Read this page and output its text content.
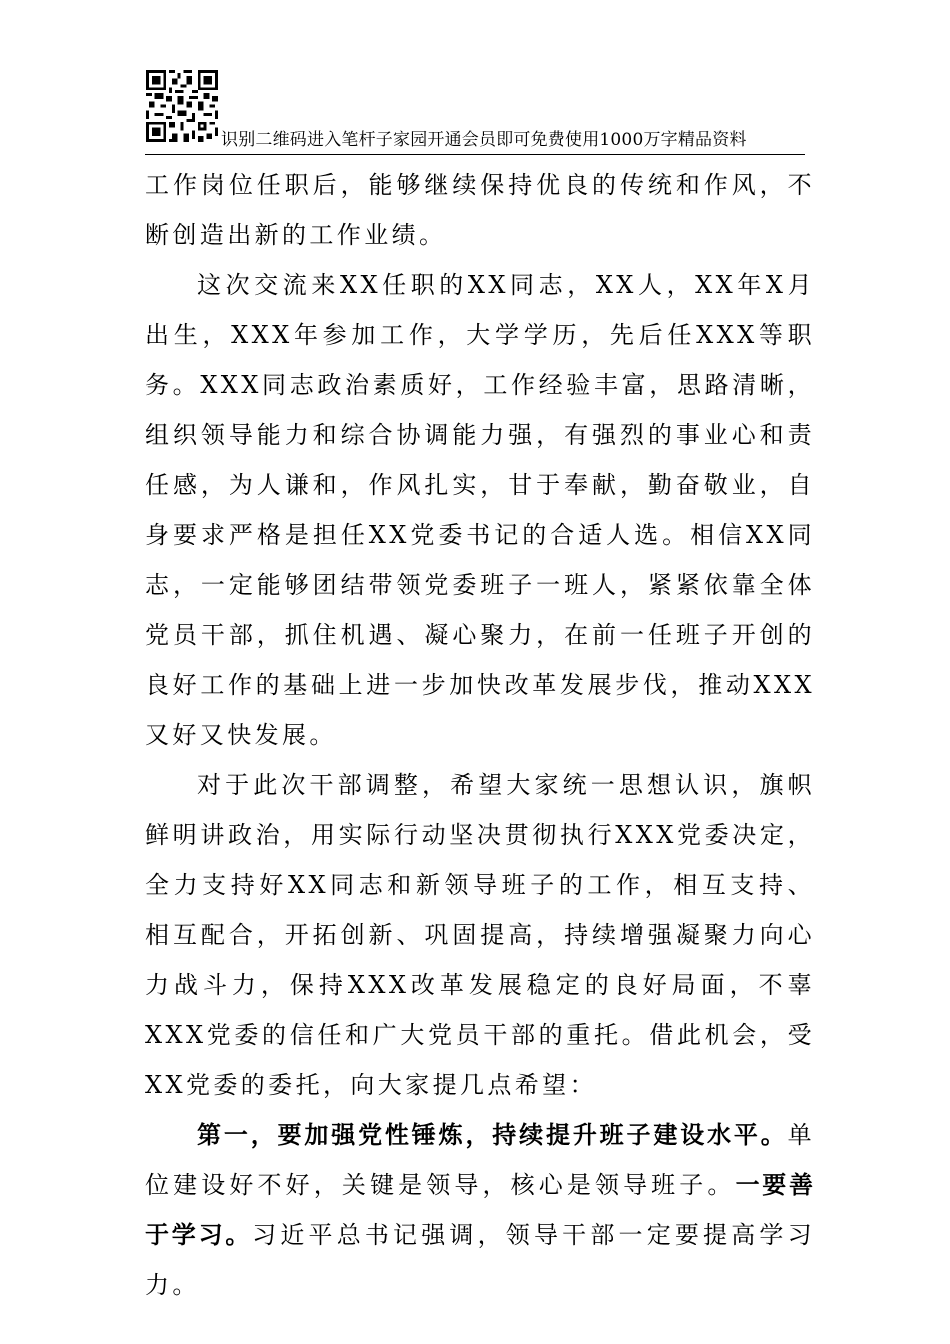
识别二维码进入笔杆子家园开通会员即可免费使用1000万字精品资料

工作岗位任职后，能够继续保持优良的传统和作风，不断创造出新的工作业绩。

这次交流来XX任职的XX同志，XX人，XX年X月出生，XXX年参加工作，大学学历，先后任XXX等职务。XXX同志政治素质好，工作经验丰富，思路清晰，组织领导能力和综合协调能力强，有强烈的事业心和责任感，为人谦和，作风扎实，甘于奉献，勤奋敬业，自身要求严格是担任XX党委书记的合适人选。相信XX同志，一定能够团结带领党委班子一班人，紧紧依靠全体党员干部，抓住机遇、凝心聚力，在前一任班子开创的良好工作的基础上进一步加快改革发展步伐，推动XXX又好又快发展。

对于此次干部调整，希望大家统一思想认识，旗帜鲜明讲政治，用实际行动坚决贯彻执行XXX党委决定，全力支持好XX同志和新领导班子的工作，相互支持、相互配合，开拓创新、巩固提高，持续增强凝聚力向心力战斗力，保持XXX改革发展稳定的良好局面，不辜XXX党委的信任和广大党员干部的重托。借此机会，受XX党委的委托，向大家提几点希望：

第一，要加强党性锤炼，持续提升班子建设水平。单位建设好不好，关键是领导，核心是领导班子。一要善于学习。习近平总书记强调，领导干部一定要提高学习力。
